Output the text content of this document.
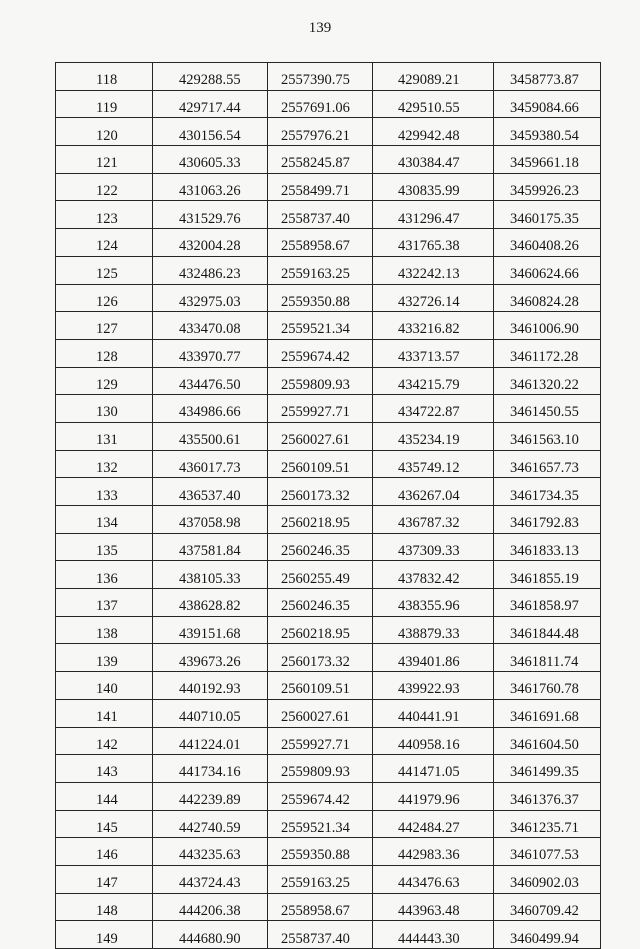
139
118	429288.55	2557390.75	429089.21	3458773.87
119	429717.44	2557691.06	429510.55	3459084.66
120	430156.54	2557976.21	429942.48	3459380.54
121	430605.33	2558245.87	430384.47	3459661.18
122	431063.26	2558499.71	430835.99	3459926.23
123	431529.76	2558737.40	431296.47	3460175.35
124	432004.28	2558958.67	431765.38	3460408.26
125	432486.23	2559163.25	432242.13	3460624.66
126	432975.03	2559350.88	432726.14	3460824.28
127	433470.08	2559521.34	433216.82	3461006.90
128	433970.77	2559674.42	433713.57	3461172.28
129	434476.50	2559809.93	434215.79	3461320.22
130	434986.66	2559927.71	434722.87	3461450.55
131	435500.61	2560027.61	435234.19	3461563.10
132	436017.73	2560109.51	435749.12	3461657.73
133	436537.40	2560173.32	436267.04	3461734.35
134	437058.98	2560218.95	436787.32	3461792.83
135	437581.84	2560246.35	437309.33	3461833.13
136	438105.33	2560255.49	437832.42	3461855.19
137	438628.82	2560246.35	438355.96	3461858.97
138	439151.68	2560218.95	438879.33	3461844.48
139	439673.26	2560173.32	439401.86	3461811.74
140	440192.93	2560109.51	439922.93	3461760.78
141	440710.05	2560027.61	440441.91	3461691.68
142	441224.01	2559927.71	440958.16	3461604.50
143	441734.16	2559809.93	441471.05	3461499.35
144	442239.89	2559674.42	441979.96	3461376.37
145	442740.59	2559521.34	442484.27	3461235.71
146	443235.63	2559350.88	442983.36	3461077.53
147	443724.43	2559163.25	443476.63	3460902.03
148	444206.38	2558958.67	443963.48	3460709.42
149	444680.90	2558737.40	444443.30	3460499.94
